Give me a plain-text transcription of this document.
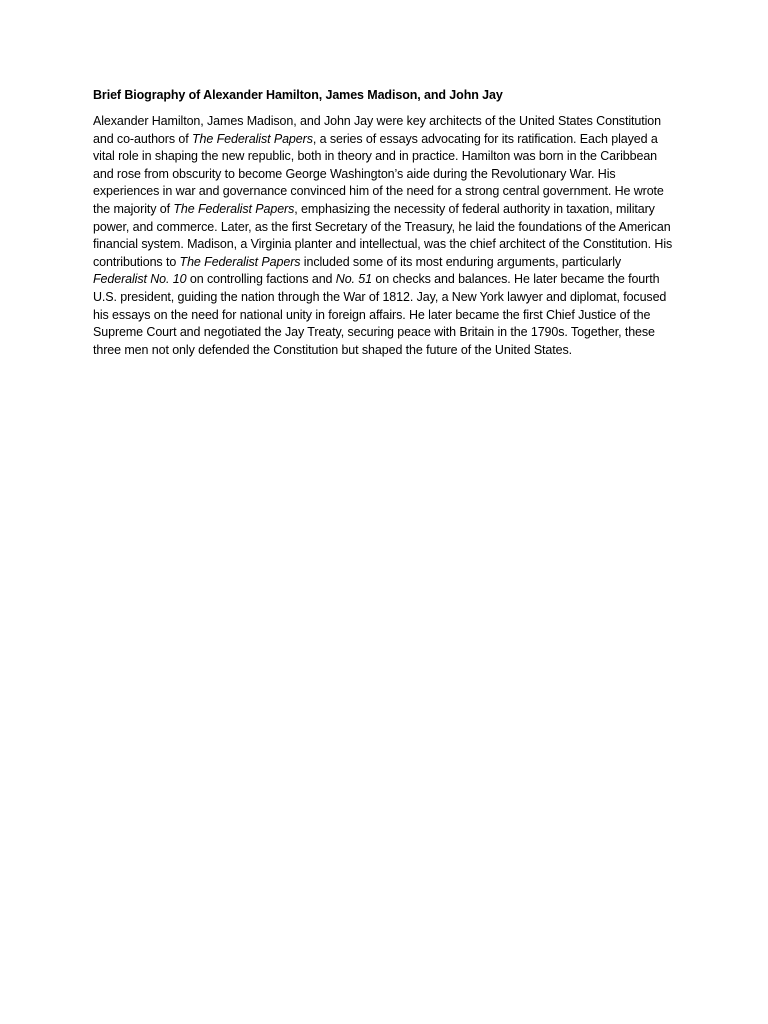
Brief Biography of Alexander Hamilton, James Madison, and John Jay

Alexander Hamilton, James Madison, and John Jay were key architects of the United States Constitution and co-authors of The Federalist Papers, a series of essays advocating for its ratification. Each played a vital role in shaping the new republic, both in theory and in practice. Hamilton was born in the Caribbean and rose from obscurity to become George Washington’s aide during the Revolutionary War. His experiences in war and governance convinced him of the need for a strong central government. He wrote the majority of The Federalist Papers, emphasizing the necessity of federal authority in taxation, military power, and commerce. Later, as the first Secretary of the Treasury, he laid the foundations of the American financial system. Madison, a Virginia planter and intellectual, was the chief architect of the Constitution. His contributions to The Federalist Papers included some of its most enduring arguments, particularly Federalist No. 10 on controlling factions and No. 51 on checks and balances. He later became the fourth U.S. president, guiding the nation through the War of 1812. Jay, a New York lawyer and diplomat, focused his essays on the need for national unity in foreign affairs. He later became the first Chief Justice of the Supreme Court and negotiated the Jay Treaty, securing peace with Britain in the 1790s. Together, these three men not only defended the Constitution but shaped the future of the United States.
